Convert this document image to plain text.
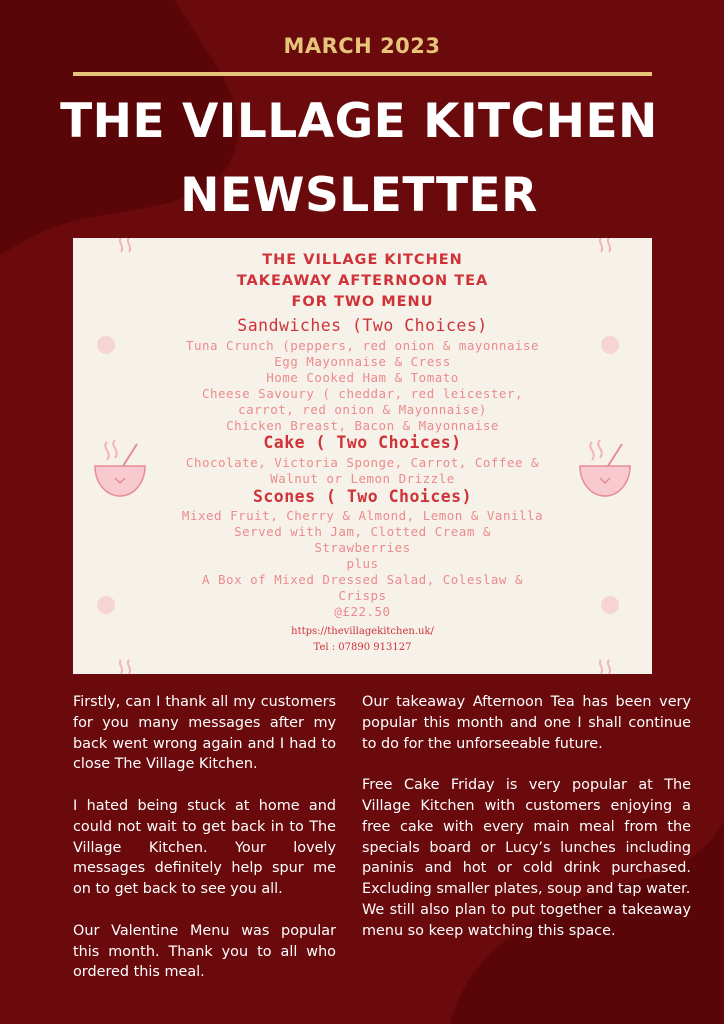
MARCH 2023
THE VILLAGE KITCHEN
NEWSLETTER
THE VILLAGE KITCHEN
TAKEAWAY AFTERNOON TEA
FOR TWO MENU
Sandwiches (Two Choices)
Tuna Crunch (peppers, red onion & mayonnaise
Egg Mayonnaise & Cress
Home Cooked Ham & Tomato
Cheese Savoury ( cheddar, red leicester,
carrot, red onion & Mayonnaise)
Chicken Breast, Bacon & Mayonnaise
Cake ( Two Choices)
Chocolate, Victoria Sponge, Carrot, Coffee &
Walnut or Lemon Drizzle
Scones ( Two Choices)
Mixed Fruit, Cherry & Almond, Lemon & Vanilla
Served with Jam, Clotted Cream &
Strawberries
plus
A Box of Mixed Dressed Salad, Coleslaw &
Crisps
@£22.50
https://thevillagekitchen.uk/
Tel : 07890 913127

Firstly, can I thank all my customers for you many messages after my back went wrong again and I had to close The Village Kitchen.

I hated being stuck at home and could not wait to get back in to The Village Kitchen. Your lovely messages definitely help spur me on to get back to see you all.

Our Valentine Menu was popular this month. Thank you to all who ordered this meal.

Our takeaway Afternoon Tea has been very popular this month and one I shall continue to do for the unforseeable future.

Free Cake Friday is very popular at The Village Kitchen with customers enjoying a free cake with every main meal from the specials board or Lucy’s lunches including paninis and hot or cold drink purchased. Excluding smaller plates, soup and tap water.

We still also plan to put together a takeaway menu so keep watching this space.
